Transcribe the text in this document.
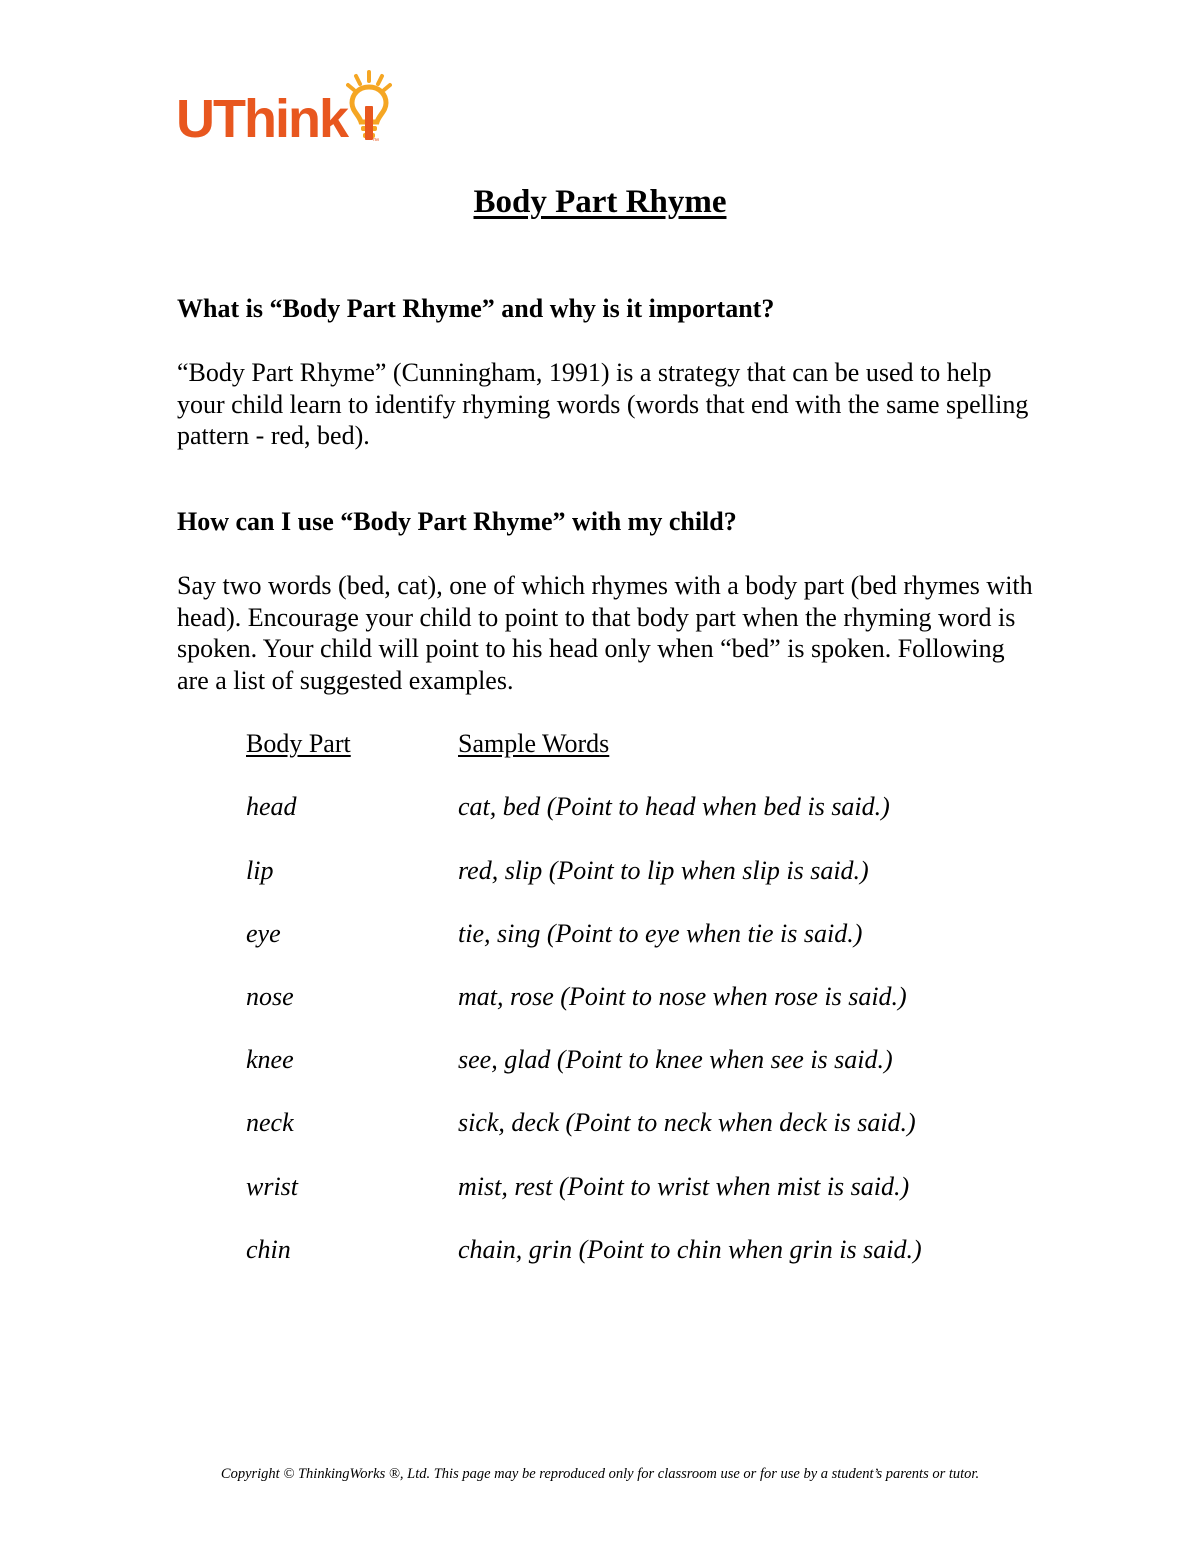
UThink	™
Body Part Rhyme
What is “Body Part Rhyme” and why is it important?
“Body Part Rhyme” (Cunningham, 1991) is a strategy that can be used to help your child learn to identify rhyming words (words that end with the same spelling pattern - red, bed).
How can I use “Body Part Rhyme” with my child?
Say two words (bed, cat), one of which rhymes with a body part (bed rhymes with head). Encourage your child to point to that body part when the rhyming word is spoken. Your child will point to his head only when “bed” is spoken. Following are a list of suggested examples.
Body Part	Sample Words
head	cat, bed (Point to head when bed is said.)
lip	red, slip (Point to lip when slip is said.)
eye	tie, sing (Point to eye when tie is said.)
nose	mat, rose (Point to nose when rose is said.)
knee	see, glad (Point to knee when see is said.)
neck	sick, deck (Point to neck when deck is said.)
wrist	mist, rest (Point to wrist when mist is said.)
chin	chain, grin (Point to chin when grin is said.)
Copyright © ThinkingWorks ®, Ltd. This page may be reproduced only for classroom use or for use by a student’s parents or tutor.
